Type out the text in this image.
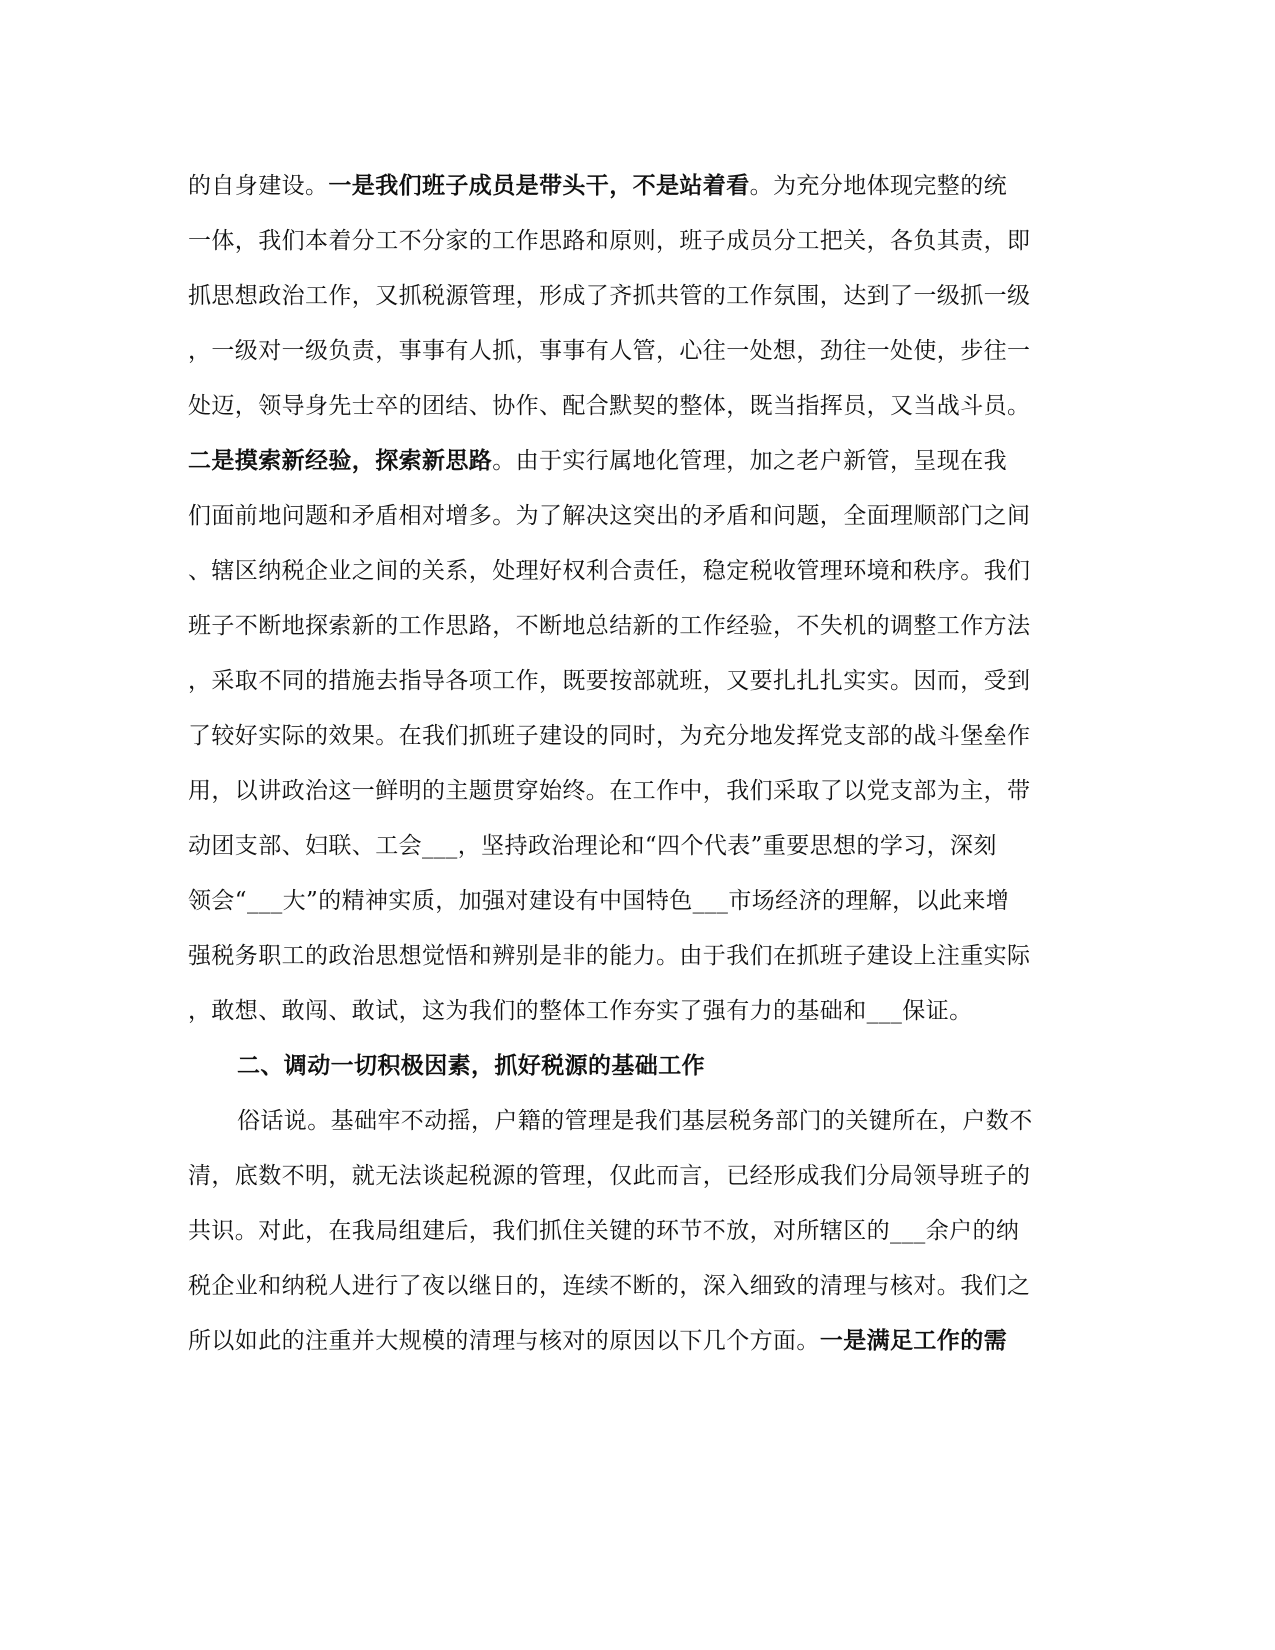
的自身建设。一是我们班子成员是带头干，不是站着看。为充分地体现完整的统
一体，我们本着分工不分家的工作思路和原则，班子成员分工把关，各负其责，即
抓思想政治工作，又抓税源管理，形成了齐抓共管的工作氛围，达到了一级抓一级
，一级对一级负责，事事有人抓，事事有人管，心往一处想，劲往一处使，步往一
处迈，领导身先士卒的团结、协作、配合默契的整体，既当指挥员，又当战斗员。
二是摸索新经验，探索新思路。由于实行属地化管理，加之老户新管，呈现在我
们面前地问题和矛盾相对增多。为了解决这突出的矛盾和问题，全面理顺部门之间
、辖区纳税企业之间的关系，处理好权利合责任，稳定税收管理环境和秩序。我们
班子不断地探索新的工作思路，不断地总结新的工作经验，不失机的调整工作方法
，采取不同的措施去指导各项工作，既要按部就班，又要扎扎扎实实。因而，受到
了较好实际的效果。在我们抓班子建设的同时，为充分地发挥党支部的战斗堡垒作
用，以讲政治这一鲜明的主题贯穿始终。在工作中，我们采取了以党支部为主，带
动团支部、妇联、工会___，坚持政治理论和“四个代表”重要思想的学习，深刻
领会“___大”的精神实质，加强对建设有中国特色___市场经济的理解，以此来增
强税务职工的政治思想觉悟和辨别是非的能力。由于我们在抓班子建设上注重实际
，敢想、敢闯、敢试，这为我们的整体工作夯实了强有力的基础和___保证。
二、调动一切积极因素，抓好税源的基础工作
俗话说。基础牢不动摇，户籍的管理是我们基层税务部门的关键所在，户数不
清，底数不明，就无法谈起税源的管理，仅此而言，已经形成我们分局领导班子的
共识。对此，在我局组建后，我们抓住关键的环节不放，对所辖区的___余户的纳
税企业和纳税人进行了夜以继日的，连续不断的，深入细致的清理与核对。我们之
所以如此的注重并大规模的清理与核对的原因以下几个方面。一是满足工作的需
